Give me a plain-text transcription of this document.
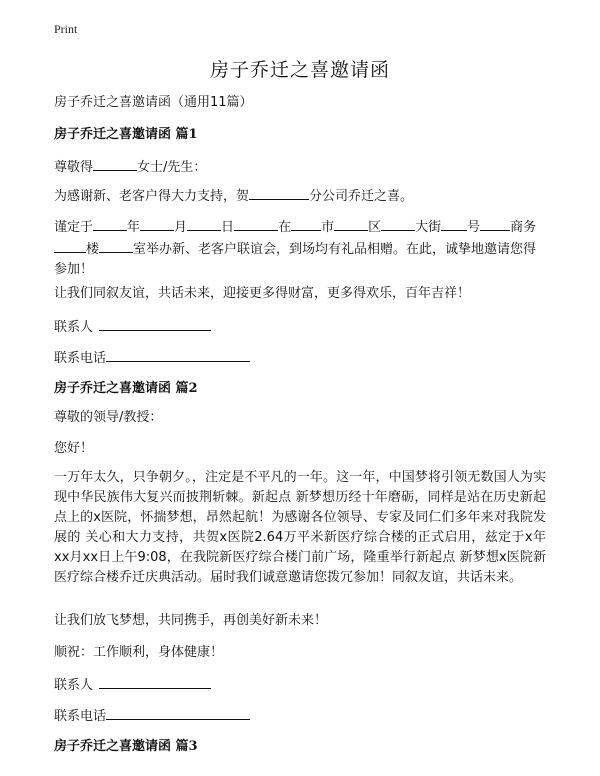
Print
房子乔迁之喜邀请函
房子乔迁之喜邀请函（通用11篇）
房子乔迁之喜邀请函 篇1
尊敬得	女士/先生：
为感谢新、老客户得大力支持，贺	分公司乔迁之喜。
谨定于	年	月	日	在 市	区	大街 号 商务楼	室举办新、老客户联谊会，到场均有礼品相赠。在此，诚挚地邀请您得参加！
让我们同叙友谊，共话未来，迎接更多得财富，更多得欢乐，百年吉祥！
联系人
联系电话
房子乔迁之喜邀请函 篇2
尊敬的领导/教授：
您好！
一万年太久，只争朝夕。，注定是不平凡的一年。这一年，中国梦将引领无数国人为实现中华民族伟大复兴而披荆斩棘。新起点 新梦想历经十年磨砺，同样是站在历史新起点上的x医院，怀揣梦想，昂然起航！为感谢各位领导、专家及同仁们多年来对我院发展的 关心和大力支持，共贺x医院2.64万平米新医疗综合楼的正式启用，兹定于x年xx月xx日上午9:08，在我院新医疗综合楼门前广场，隆重举行新起点 新梦想x医院新医疗综合楼乔迁庆典活动。届时我们诚意邀请您拨冗参加！同叙友谊，共话未来。
让我们放飞梦想，共同携手，再创美好新未来！
顺祝：工作顺利，身体健康！
联系人
联系电话
房子乔迁之喜邀请函 篇3
